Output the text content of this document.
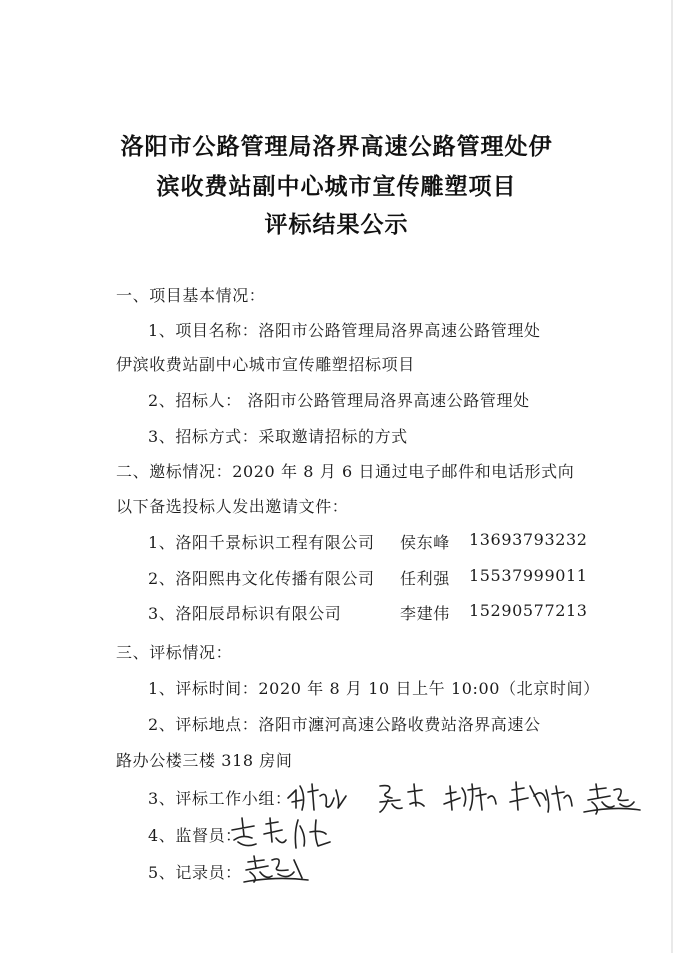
洛阳市公路管理局洛界高速公路管理处伊
滨收费站副中心城市宣传雕塑项目
评标结果公示
一、项目基本情况：
1、项目名称：洛阳市公路管理局洛界高速公路管理处
伊滨收费站副中心城市宣传雕塑招标项目
2、招标人： 洛阳市公路管理局洛界高速公路管理处
3、招标方式：采取邀请招标的方式
二、邀标情况：2020 年 8 月 6 日通过电子邮件和电话形式向
以下备选投标人发出邀请文件：
1、洛阳千景标识工程有限公司 侯东峰 13693793232
2、洛阳熙冉文化传播有限公司 任利强 15537999011
3、洛阳辰昂标识有限公司	李建伟 15290577213
三、评标情况：
1、评标时间：2020 年 8 月 10 日上午 10:00（北京时间）
2、评标地点：洛阳市瀍河高速公路收费站洛界高速公
路办公楼三楼 318 房间
3、评标工作小组：
4、监督员：
5、记录员：
